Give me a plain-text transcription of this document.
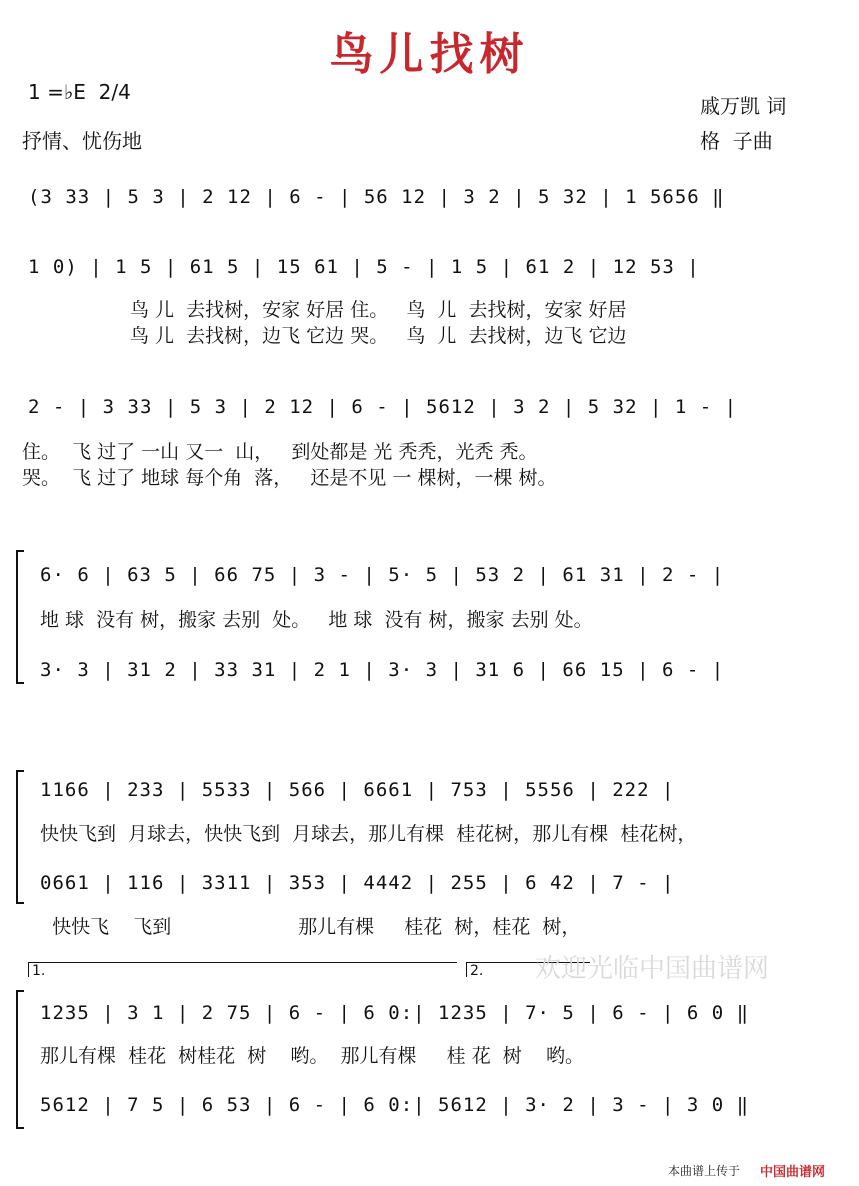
鸟儿找树
1 =♭E  2/4
抒情、忧伤地
戚万凯 词
格  子曲
(3 33 | 5 3 | 2 12 | 6 - | 56 12 | 3 2 | 5 32 | 1 5656 ‖
1 0) | 1 5 | 61 5 | 15 61 | 5 - | 1 5 | 61 2 | 12 53 |
鸟 儿  去找树，安家 好居 住。   鸟  儿  去找树，安家 好居
鸟 儿  去找树，边飞 它边 哭。   鸟  儿  去找树，边飞 它边
2 - | 3 33 | 5 3 | 2 12 | 6 - | 5612 | 3 2 | 5 32 | 1 - |
住。  飞 过了 一山 又一  山，   到处都是 光 秃秃，光秃 秃。
哭。  飞 过了 地球 每个角  落，   还是不见 一 棵树，一棵 树。
6· 6 | 63 5 | 66 75 | 3 - | 5· 5 | 53 2 | 61 31 | 2 - |
地 球  没有 树，搬家 去别  处。   地 球  没有 树，搬家 去别 处。
3· 3 | 31 2 | 33 31 | 2 1 | 3· 3 | 31 6 | 66 15 | 6 - |
1166 | 233 | 5533 | 566 | 6661 | 753 | 5556 | 222 |
快快飞到  月球去，快快飞到  月球去，那儿有棵  桂花树，那儿有棵  桂花树，
0661 | 116 | 3311 | 353 | 4442 | 255 | 6 42 | 7 - |
快快飞    飞到                     那儿有棵     桂花  树，桂花  树，
1.	2.	欢迎光临中国曲谱网
1235 | 3 1 | 2 75 | 6 - | 6 0:| 1235 | 7· 5 | 6 - | 6 0 ‖
那儿有棵  桂花  树桂花  树    哟。  那儿有棵     桂 花  树    哟。
5612 | 7 5 | 6 53 | 6 - | 6 0:| 5612 | 3· 2 | 3 - | 3 0 ‖
本曲谱上传于 中国曲谱网
